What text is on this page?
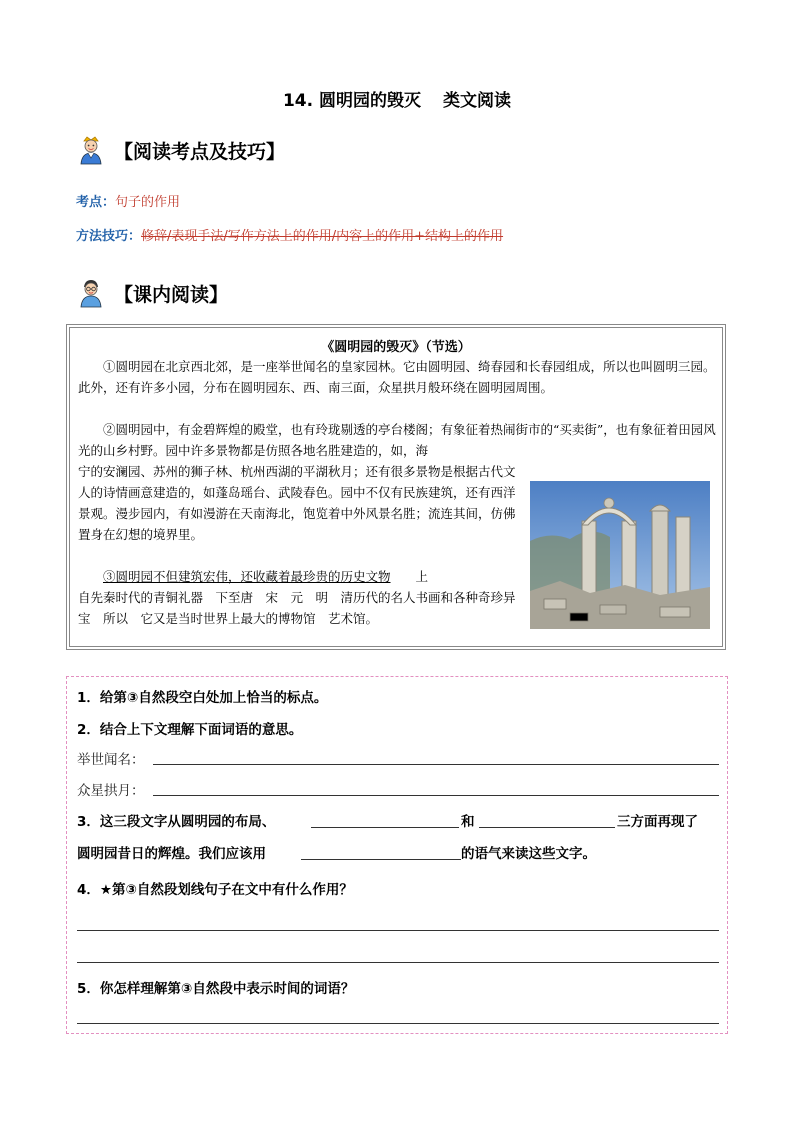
14. 圆明园的毁灭 类文阅读
【阅读考点及技巧】
考点：句子的作用
方法技巧：修辞/表现手法/写作方法上的作用/内容上的作用+结构上的作用
【课内阅读】
《圆明园的毁灭》（节选）
①圆明园在北京西北郊，是一座举世闻名的皇家园林。它由圆明园、绮春园和长春园组成，所以也叫圆明三园。此外，还有许多小园，分布在圆明园东、西、南三面，众星拱月般环绕在圆明园周围。
②圆明园中，有金碧辉煌的殿堂，也有玲珑剔透的亭台楼阁；有象征着热闹街市的“买卖街”，也有象征着田园风光的山乡村野。园中许多景物都是仿照各地名胜建造的，如，海
宁的安澜园、苏州的狮子林、杭州西湖的平湖秋月；还有很多景物是根据古代文人的诗情画意建造的，如蓬岛瑶台、武陵春色。园中不仅有民族建筑，还有西洋景观。漫步园内，有如漫游在天南海北，饱览着中外风景名胜；流连其间，仿佛置身在幻想的境界里。

③圆明园不但建筑宏伟，还收藏着最珍贵的历史文物　　 上

自先秦时代的青铜礼器　下至唐　宋　元　明　清历代的名人书画和各种奇珍异宝　所以　它又是当时世界上最大的博物馆　艺术馆。

1．给第③自然段空白处加上恰当的标点。
2．结合上下文理解下面词语的意思。
举世闻名：
众星拱月：
3．这三段文字从圆明园的布局、	和	三方面再现了
圆明园昔日的辉煌。我们应该用	的语气来读这些文字。
4．★第③自然段划线句子在文中有什么作用？
5．你怎样理解第③自然段中表示时间的词语？
